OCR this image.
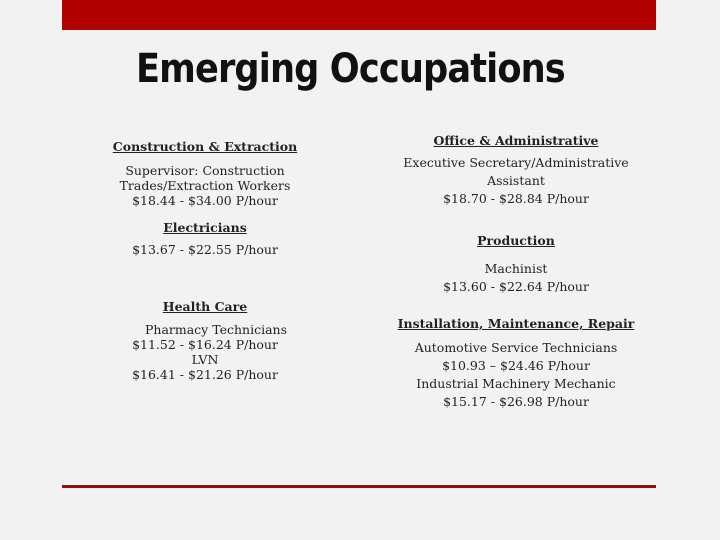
Emerging Occupations
Construction & Extraction
Supervisor: Construction
Trades/Extraction Workers
$18.44 - $34.00 P/hour
Electricians
$13.67 - $22.55 P/hour
Health Care
Pharmacy Technicians
$11.52 - $16.24 P/hour
LVN
$16.41 - $21.26 P/hour
Office & Administrative
Executive Secretary/Administrative
Assistant
$18.70 - $28.84 P/hour
Production
Machinist
$13.60 - $22.64 P/hour
Installation, Maintenance, Repair
Automotive Service Technicians
$10.93 – $24.46 P/hour
Industrial Machinery Mechanic
$15.17 - $26.98 P/hour
